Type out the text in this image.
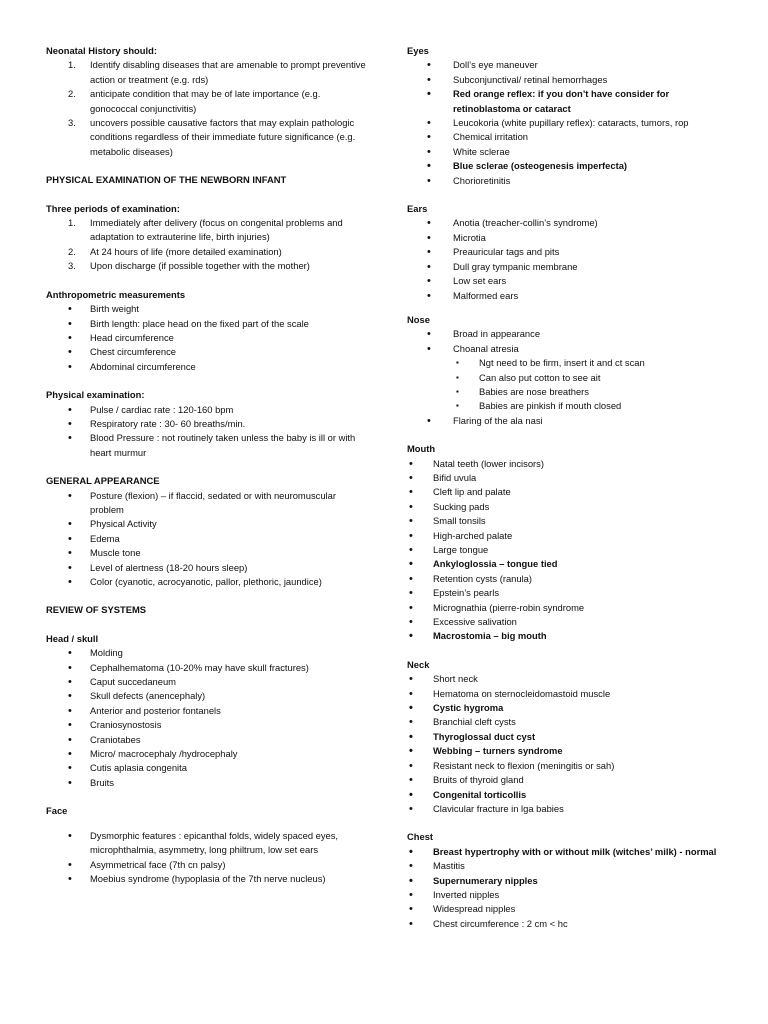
Neonatal History should:
1. Identify disabling diseases that are amenable to prompt preventive action or treatment (e.g. rds)
2. anticipate condition that may be of late importance (e.g. gonococcal conjunctivitis)
3. uncovers possible causative factors that may explain pathologic conditions regardless of their immediate future significance (e.g. metabolic diseases)
PHYSICAL EXAMINATION OF THE NEWBORN INFANT
Three periods of examination:
1. Immediately after delivery (focus on congenital problems and adaptation to extrauterine life, birth injuries)
2. At 24 hours of life (more detailed examination)
3. Upon discharge (if possible together with the mother)
Anthropometric measurements
• Birth weight
• Birth length: place head on the fixed part of the scale
• Head circumference
• Chest circumference
• Abdominal circumference
Physical examination:
• Pulse / cardiac rate : 120-160 bpm
• Respiratory rate : 30- 60 breaths/min.
• Blood Pressure : not routinely taken unless the baby is ill or with heart murmur
GENERAL APPEARANCE
• Posture (flexion) – if flaccid, sedated or with neuromuscular problem
• Physical Activity
• Edema
• Muscle tone
• Level of alertness (18-20 hours sleep)
• Color (cyanotic, acrocyanotic, pallor, plethoric, jaundice)
REVIEW OF SYSTEMS
Head / skull
• Molding
• Cephalhematoma (10-20% may have skull fractures)
• Caput succedaneum
• Skull defects (anencephaly)
• Anterior and posterior fontanels
• Craniosynostosis
• Craniotabes
• Micro/ macrocephaly /hydrocephaly
• Cutis aplasia congenita
• Bruits
Face
• Dysmorphic features : epicanthal folds, widely spaced eyes, microphthalmia, asymmetry, long philtrum, low set ears
• Asymmetrical face (7th cn palsy)
• Moebius syndrome (hypoplasia of the 7th nerve nucleus)
Eyes
• Doll’s eye maneuver
• Subconjunctival/ retinal hemorrhages
• Red orange reflex: if you don’t have consider for retinoblastoma or cataract
• Leucokoria (white pupillary reflex): cataracts, tumors, rop
• Chemical irritation
• White sclerae
• Blue sclerae (osteogenesis imperfecta)
• Chorioretinitis
Ears
• Anotia (treacher-collin’s syndrome)
• Microtia
• Preauricular tags and pits
• Dull gray tympanic membrane
• Low set ears
• Malformed ears
Nose
• Broad in appearance
• Choanal atresia
▪ Ngt need to be firm, insert it and ct scan
▪ Can also put cotton to see ait
▪ Babies are nose breathers
▪ Babies are pinkish if mouth closed
• Flaring of the ala nasi
Mouth
• Natal teeth (lower incisors)
• Bifid uvula
• Cleft lip and palate
• Sucking pads
• Small tonsils
• High-arched palate
• Large tongue
• Ankyloglossia – tongue tied
• Retention cysts (ranula)
• Epstein’s pearls
• Micrognathia (pierre-robin syndrome
• Excessive salivation
• Macrostomia – big mouth
Neck
• Short neck
• Hematoma on sternocleidomastoid muscle
• Cystic hygroma
• Branchial cleft cysts
• Thyroglossal duct cyst
• Webbing – turners syndrome
• Resistant neck to flexion (meningitis or sah)
• Bruits of thyroid gland
• Congenital torticollis
• Clavicular fracture in lga babies
Chest
• Breast hypertrophy with or without milk (witches’ milk) - normal
• Mastitis
• Supernumerary nipples
• Inverted nipples
• Widespread nipples
• Chest circumference : 2 cm < hc
